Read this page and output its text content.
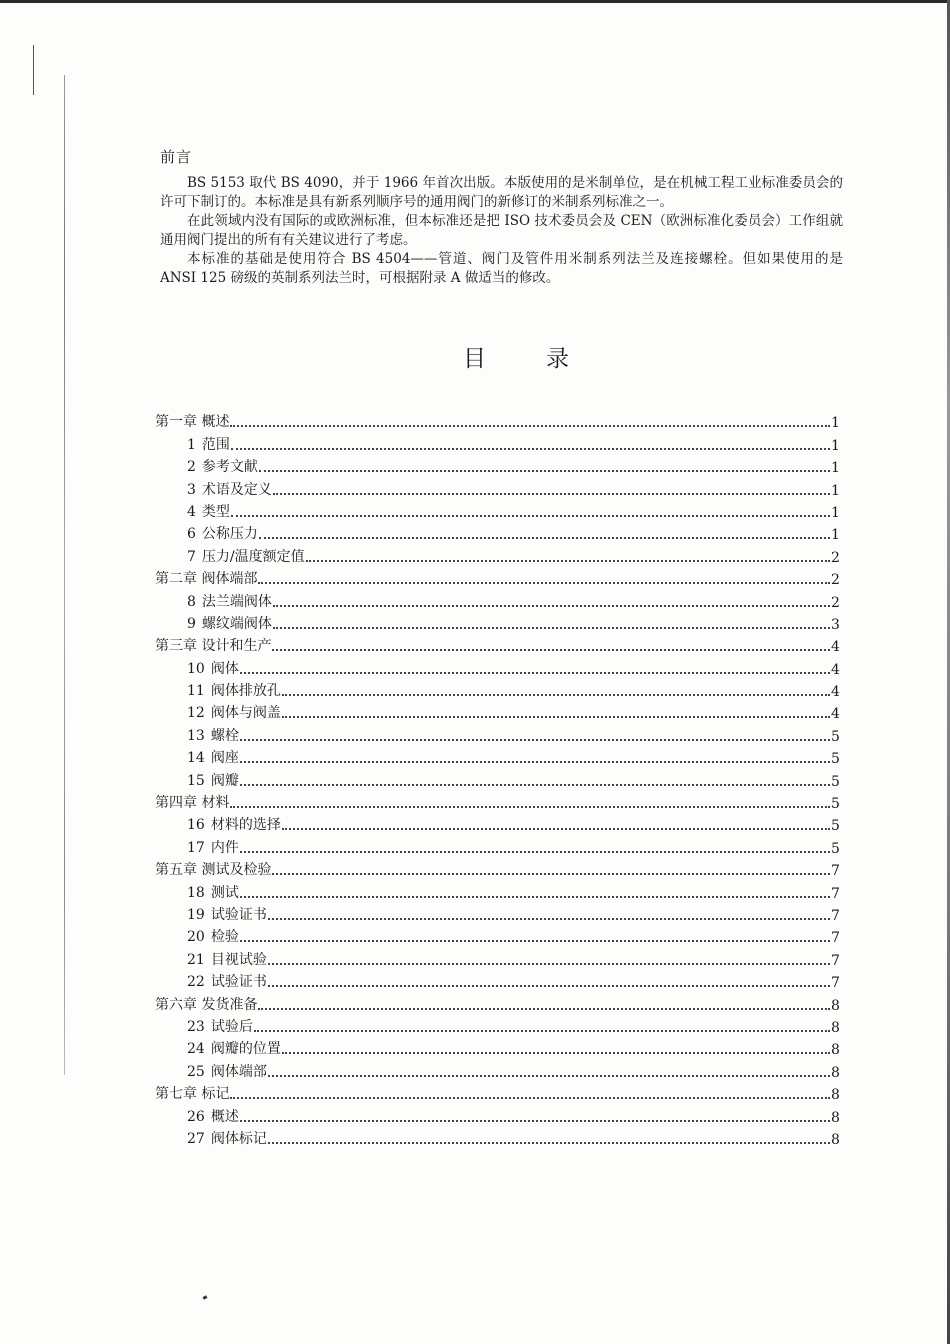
前言

BS 5153 取代 BS 4090，并于 1966 年首次出版。本版使用的是米制单位，是在机械工程工业标准委员会的许可下制订的。本标准是具有新系列顺序号的通用阀门的新修订的米制系列标准之一。

在此领域内没有国际的或欧洲标准，但本标准还是把 ISO 技术委员会及 CEN（欧洲标准化委员会）工作组就通用阀门提出的所有有关建议进行了考虑。

本标准的基础是使用符合 BS 4504——管道、阀门及管件用米制系列法兰及连接螺栓。但如果使用的是 ANSI 125 磅级的英制系列法兰时，可根据附录 A 做适当的修改。

目录
第一章 概述	1
1 范围	1
2 参考文献	1
3 术语及定义	1
4 类型	1
6 公称压力	1
7 压力/温度额定值	2
第二章 阀体端部	2
8 法兰端阀体	2
9 螺纹端阀体	3
第三章 设计和生产	4
10 阀体	4
11 阀体排放孔	4
12 阀体与阀盖	4
13 螺栓	5
14 阀座	5
15 阀瓣	5
第四章 材料	5
16 材料的选择	5
17 内件	5
第五章 测试及检验	7
18 测试	7
19 试验证书	7
20 检验	7
21 目视试验	7
22 试验证书	7
第六章 发货准备	8
23 试验后	8
24 阀瓣的位置	8
25 阀体端部	8
第七章 标记	8
26 概述	8
27 阀体标记	8
